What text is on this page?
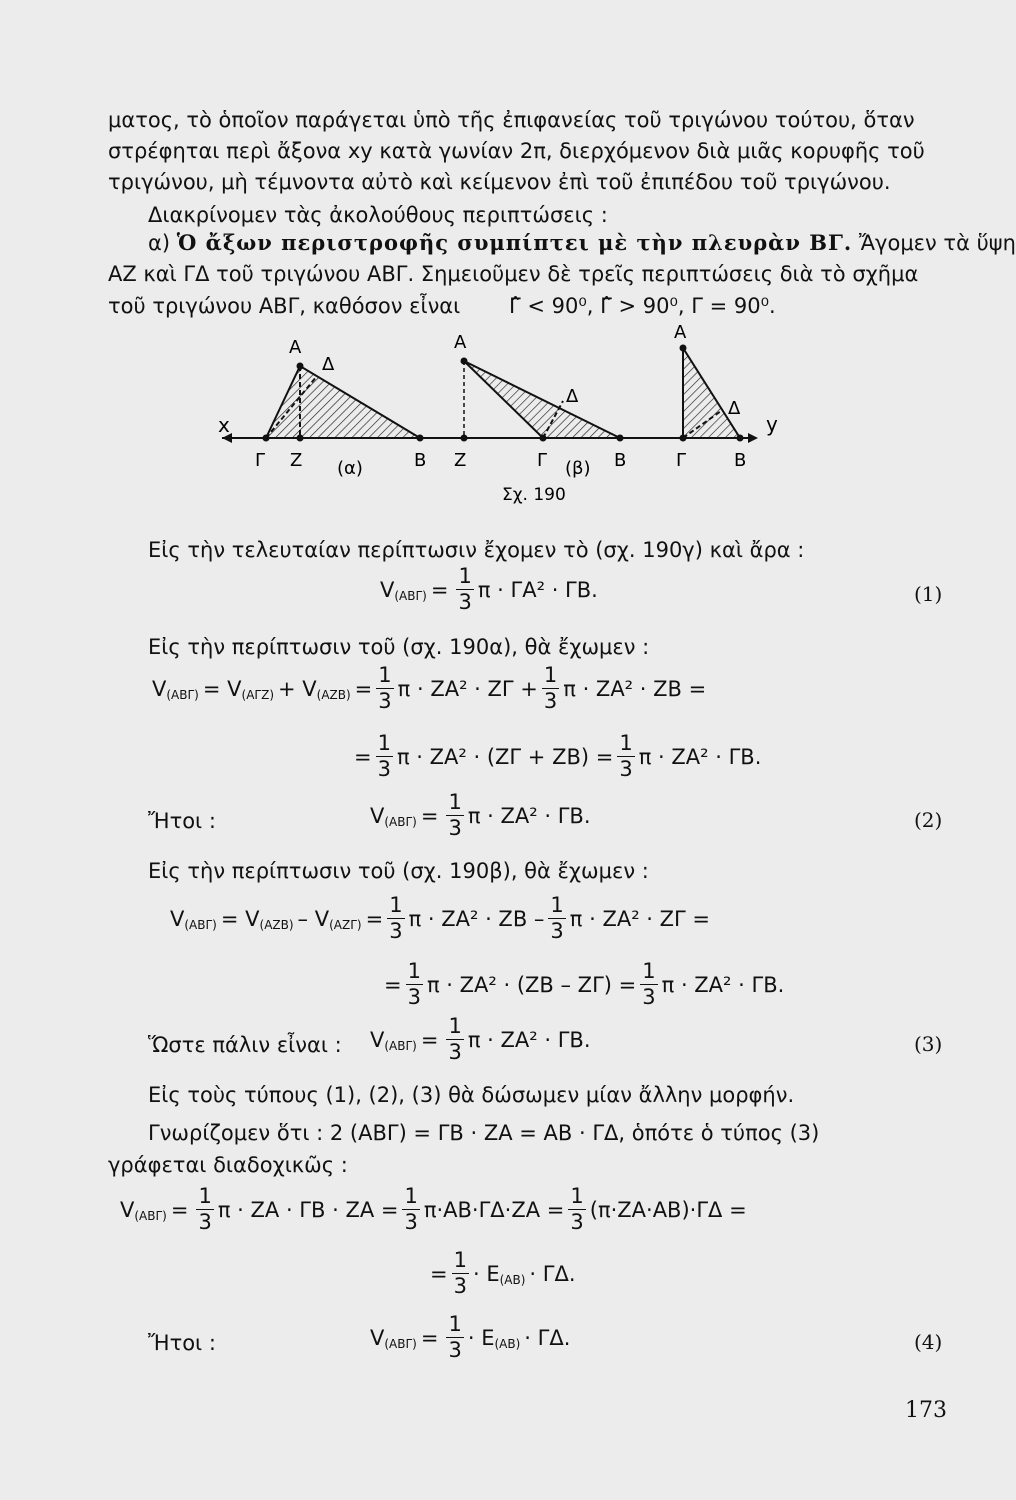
ματος, τὸ ὁποῖον παράγεται ὑπὸ τῆς ἐπιφανείας τοῦ τριγώνου τούτου, ὅταν
στρέφηται περὶ ἄξονα xy κατὰ γωνίαν 2π, διερχόμενον διὰ μιᾶς κορυφῆς τοῦ
τριγώνου, μὴ τέμνοντα αὐτὸ καὶ κείμενον ἐπὶ τοῦ ἐπιπέδου τοῦ τριγώνου.
Διακρίνομεν τὰς ἀκολούθους περιπτώσεις :
α) Ὁ ἄξων περιστροφῆς συμπίπτει μὲ τὴν πλευρὰν ΒΓ. Ἄγομεν τὰ ὕψη
ΑΖ καὶ ΓΔ τοῦ τριγώνου ΑΒΓ. Σημειοῦμεν δὲ τρεῖς περιπτώσεις διὰ τὸ σχῆμα
τοῦ τριγώνου ΑΒΓ, καθόσον εἶναι Γ̂ < 90⁰, Γ̂ > 90⁰, Γ = 90⁰.
x	y
Α
Δ
Γ Ζ	Β
(α)
Α
Δ
Ζ	Γ	Β
(β)
Α
Δ
Γ	Β
Σχ. 190
Εἰς τὴν τελευταίαν περίπτωσιν ἔχομεν τὸ (σχ. 190γ) καὶ ἄρα :
V $(AB\Gamma) = \frac{1}{3}$ π · ΓΑ² · ΓΒ.	(1)
Εἰς τὴν περίπτωσιν τοῦ (σχ. 190α), θὰ ἔχωμεν :
V (ΑΒΓ) = V (ΑΓΖ) + V $(AZB) = \frac{1}{3}$ $\pi \cdot ZA^2 \cdot Z\Gamma + \frac{1}{3}$ π · ΖΑ² · ΖΒ =
= $\frac{1}{3}$ $\pi \cdot ZA^2 \cdot (Z\Gamma + ZB) = \frac{1}{3}$ π · ΖΑ² · ΓΒ.
Ἤτοι :	V $(AB\Gamma) = \frac{1}{3}$ π · ΖΑ² · ΓΒ.	(2)
Εἰς τὴν περίπτωσιν τοῦ (σχ. 190β), θὰ ἔχωμεν :
V (ΑΒΓ) = V (ΑΖΒ) – V $(AZ\Gamma) = \frac{1}{3}$ $\pi \cdot ZA^2 \cdot ZB - \frac{1}{3}$ π · ΖΑ² · ΖΓ =
= $\frac{1}{3}$ $\pi \cdot ZA^2 \cdot (ZB - Z\Gamma) = \frac{1}{3}$ π · ΖΑ² · ΓΒ.
Ὥστε πάλιν εἶναι : V $(AB\Gamma) = \frac{1}{3}$ π · ΖΑ² · ΓΒ.	(3)
Εἰς τοὺς τύπους (1), (2), (3) θὰ δώσωμεν μίαν ἄλλην μορφήν.
Γνωρίζομεν ὅτι : 2 (ΑΒΓ) = ΓΒ · ΖΑ = ΑΒ · ΓΔ, ὁπότε ὁ τύπος (3)
γράφεται διαδοχικῶς :
V $(AB\Gamma) = \frac{1}{3}$ $\pi \cdot ZA \cdot \Gamma B \cdot ZA = \frac{1}{3} \pi\cdot AB\cdot\Gamma\Delta\cdot ZA = \frac{1}{3} (\pi\cdot ZA\cdot AB)\cdot\Gamma\Delta$ =
= $\frac{1}{3} \cdot E$ (ΑΒ) · ΓΔ.
Ἤτοι :	V $(AB\Gamma) = \frac{1}{3} \cdot E$ (ΑΒ) · ΓΔ.	(4)
173
